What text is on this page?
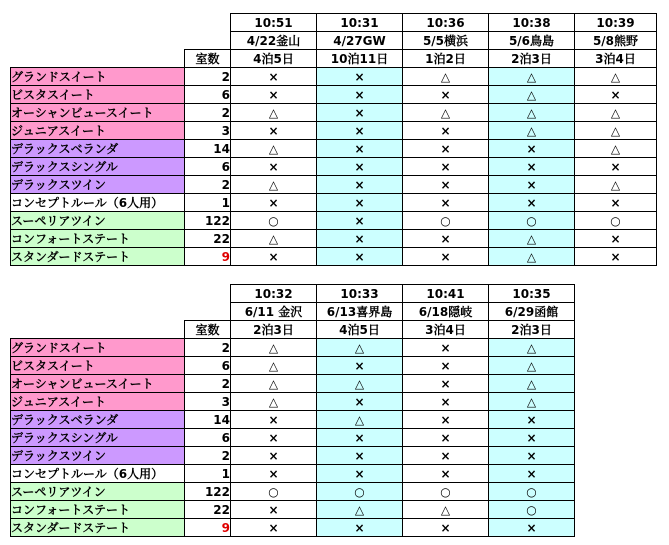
		10:51	10:31	10:36	10:38	10:39
		4/22釜山	4/27GW	5/5横浜	5/6鳥島	5/8熊野
	室数	4泊5日	10泊11日	1泊2日	2泊3日	3泊4日
グランドスイート	2	×	×	△	△	△
ビスタスイート	6	×	×	×	△	×
オーシャンビュースイート	2	△	×	△	△	△
ジュニアスイート	3	×	×	×	△	△
デラックスベランダ	14	△	×	×	×	△
デラックスシングル	6	×	×	×	×	×
デラックスツイン	2	△	×	×	×	△
コンセプトルール（6人用）	1	×	×	×	×	×
スーペリアツイン	122	○	×	○	○	○
コンフォートステート	22	△	×	×	△	×
スタンダードステート	9	×	×	×	△	×
		10:32	10:33	10:41	10:35
		6/11 金沢	6/13喜界島	6/18隠岐	6/29函館
	室数	2泊3日	4泊5日	3泊4日	2泊3日
グランドスイート	2	△	△	×	△
ビスタスイート	6	△	×	×	△
オーシャンビュースイート	2	△	△	×	△
ジュニアスイート	3	△	×	×	△
デラックスベランダ	14	×	△	×	×
デラックスシングル	6	×	×	×	×
デラックスツイン	2	×	×	×	×
コンセプトルール（6人用）	1	×	×	×	×
スーペリアツイン	122	○	○	○	○
コンフォートステート	22	×	△	△	○
スタンダードステート	9	×	×	×	×
